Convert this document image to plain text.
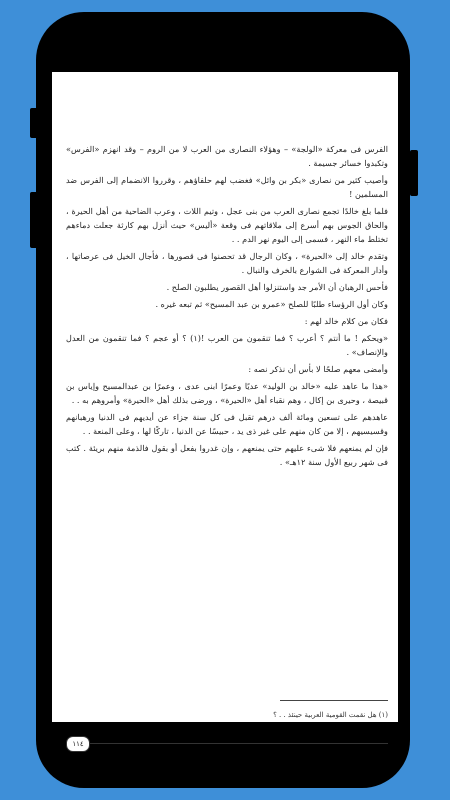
الفرس فى معركة «الولجة» – وهؤلاء النصارى من العرب لا من الروم – وقد انهزم «الفرس» وتكبدوا خسائر جسيمة .

وأصيب كثير من نصارى «بكر بن وائل» فغضب لهم حلفاؤهم ، وقرروا الانضمام إلى الفرس ضد المسلمين !

فلما بلغ خالدًا تجمع نصارى العرب من بنى عجل ، وتيم اللات ، وعرب الضاحية من أهل الحيرة ، والحاق الجوس بهم أسرع إلى ملاقاتهم فى وقعة «أليس» حيث أنزل بهم كارثة جعلت دماءهم تختلط ماء النهر ، فسمى إلى اليوم نهر الدم . .

وتقدم خالد إلى «الحيرة» ، وكان الرجال قد تحصنوا فى قصورها ، فأجال الخيل فى عرصاتها ، وأدار المعركة فى الشوارع بالخرف والنبال .

فأحس الرهبان أن الأمر جد واستنزلوا أهل القصور يطلبون الصلح .

وكان أول الرؤساء طلبًا للصلح «عمرو بن عبد المسيح» ثم تبعه غيره .

فكان من كلام خالد لهم :

«ويحكم ! ما أنتم ؟ أعرب ؟ فما تنقمون من العرب !(١) ؟ أو عجم ؟ فما تنقمون من العدل والإنصاف» .

وأمضى معهم صلحًا لا بأس أن نذكر نصه :

«هذا ما عاهد عليه «خالد بن الوليد» عديًا وعمرًا ابنى عدى ، وعمرًا بن عبدالمسيح وإياس بن قبيصة ، وحيرى بن إكال ، وهم نقباء أهل «الحيرة» ، ورضى بذلك أهل «الحيرة» وأمروهم به . .

عاهدهم على تسعين ومائة ألف درهم تقبل فى كل سنة جزاء عن أيديهم فى الدنيا ورهبانهم وقسيسيهم ، إلا من كان منهم على غير ذى يد ، حبيسًا عن الدنيا ، تاركًا لها ، وعلى المنعة . .

فإن لم يمنعهم فلا شىء عليهم حتى يمنعهم ، وإن غدروا بفعل أو بقول فالذمة منهم بريئة . كتب فى شهر ربيع الأول سنة ١٢هـ» .

(١) هل نقمت القومية العربية حينئذ . . ؟
١١٤
